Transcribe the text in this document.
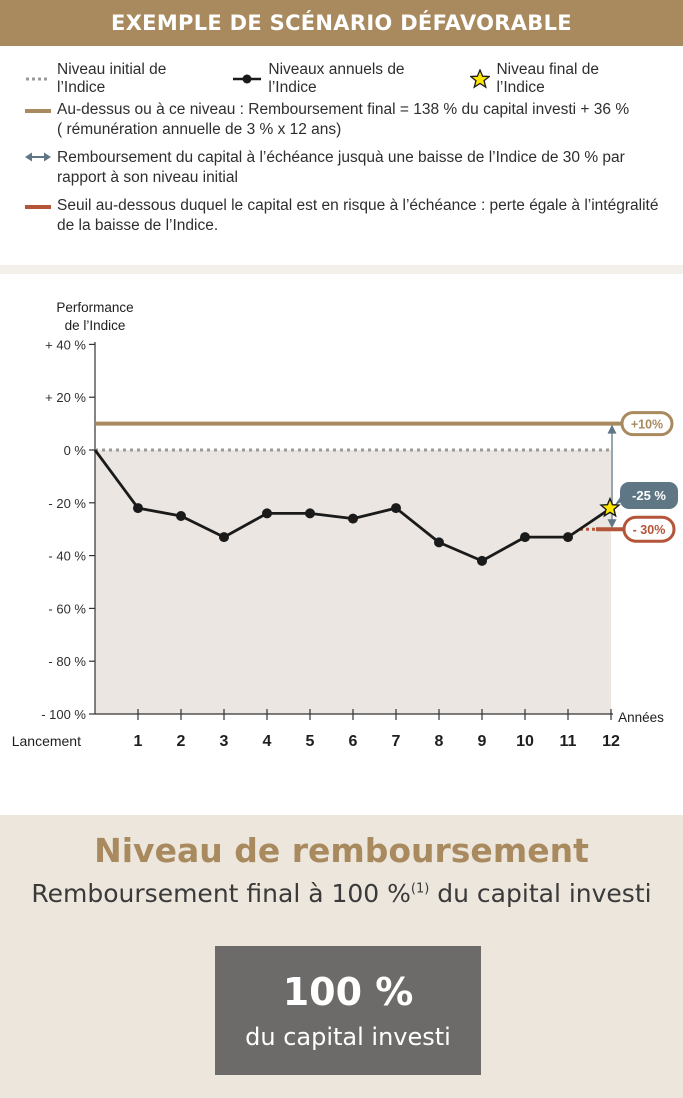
EXEMPLE DE SCÉNARIO DÉFAVORABLE
Niveau initial de l’Indice
Niveaux annuels de l’Indice
Niveau final de l’Indice
Au-dessus ou à ce niveau : Remboursement final = 138 % du capital investi + 36 %
( rémunération annuelle de 3 % x 12 ans)
Remboursement du capital à l’échéance jusquà une baisse de l’Indice de 30 % par
rapport à son niveau initial
Seuil au-dessous duquel le capital est en risque à l’échéance : perte égale à l’intégralité
de la baisse de l’Indice.
+ 40 %
+ 20 %
0 %
- 20 %
- 40 %
- 60 %
- 80 %
- 100 %
Lancement	1 2 3 4 5 6 7 8 9 10 11 12
Performance
de l’Indice
Années
+10%
- 30%
-25 %
Niveau de remboursement
Remboursement final à 100 %$^{(1)}$ du capital investi
100 %
du capital investi
